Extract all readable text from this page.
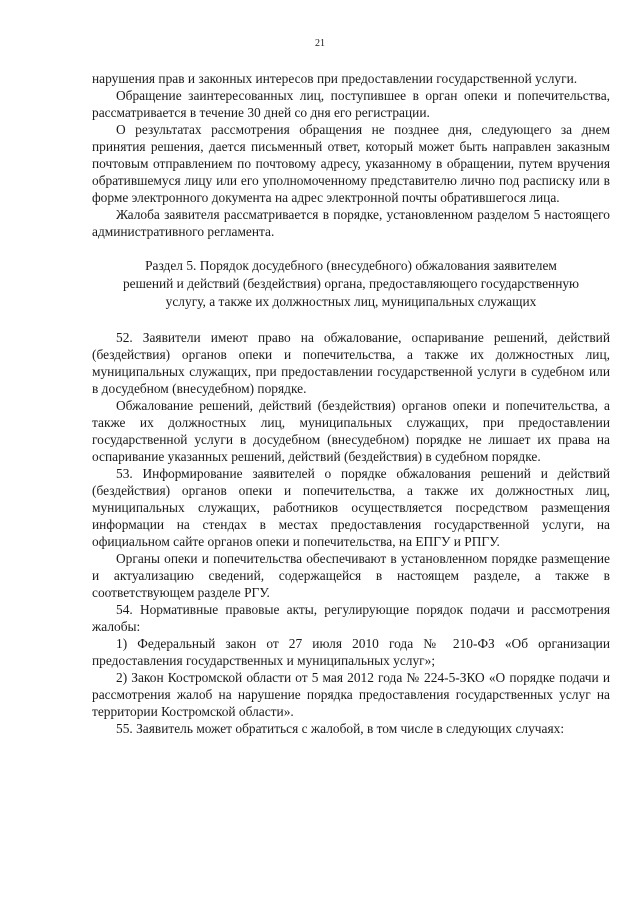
21

нарушения прав и законных интересов при предоставлении государственной услуги.

Обращение заинтересованных лиц, поступившее в орган опеки и попечительства, рассматривается в течение 30 дней со дня его регистрации.

О результатах рассмотрения обращения не позднее дня, следующего за днем принятия решения, дается письменный ответ, который может быть направлен заказным почтовым отправлением по почтовому адресу, указанному в обращении, путем вручения обратившемуся лицу или его уполномоченному представителю лично под расписку или в форме электронного документа на адрес электронной почты обратившегося лица.

Жалоба заявителя рассматривается в порядке, установленном разделом 5 настоящего административного регламента.

Раздел 5. Порядок досудебного (внесудебного) обжалования заявителем
решений и действий (бездействия) органа, предоставляющего государственную
услугу, а также их должностных лиц, муниципальных служащих

52. Заявители имеют право на обжалование, оспаривание решений, действий (бездействия) органов опеки и попечительства, а также их должностных лиц, муниципальных служащих, при предоставлении государственной услуги в судебном или в досудебном (внесудебном) порядке.

Обжалование решений, действий (бездействия) органов опеки и попечительства, а также их должностных лиц, муниципальных служащих, при предоставлении государственной услуги в досудебном (внесудебном) порядке не лишает их права на оспаривание указанных решений, действий (бездействия) в судебном порядке.

53. Информирование заявителей о порядке обжалования решений и действий (бездействия) органов опеки и попечительства, а также их должностных лиц, муниципальных служащих, работников осуществляется посредством размещения информации на стендах в местах предоставления государственной услуги, на официальном сайте органов опеки и попечительства, на ЕПГУ и РПГУ.

Органы опеки и попечительства обеспечивают в установленном порядке размещение и актуализацию сведений, содержащейся в настоящем разделе, а также в соответствующем разделе РГУ.

54. Нормативные правовые акты, регулирующие порядок подачи и рассмотрения жалобы:

1) Федеральный закон от 27 июля 2010 года № 210-ФЗ «Об организации предоставления государственных и муниципальных услуг»;

2) Закон Костромской области от 5 мая 2012 года № 224-5-ЗКО «О порядке подачи и рассмотрения жалоб на нарушение порядка предоставления государственных услуг на территории Костромской области».

55. Заявитель может обратиться с жалобой, в том числе в следующих случаях:
